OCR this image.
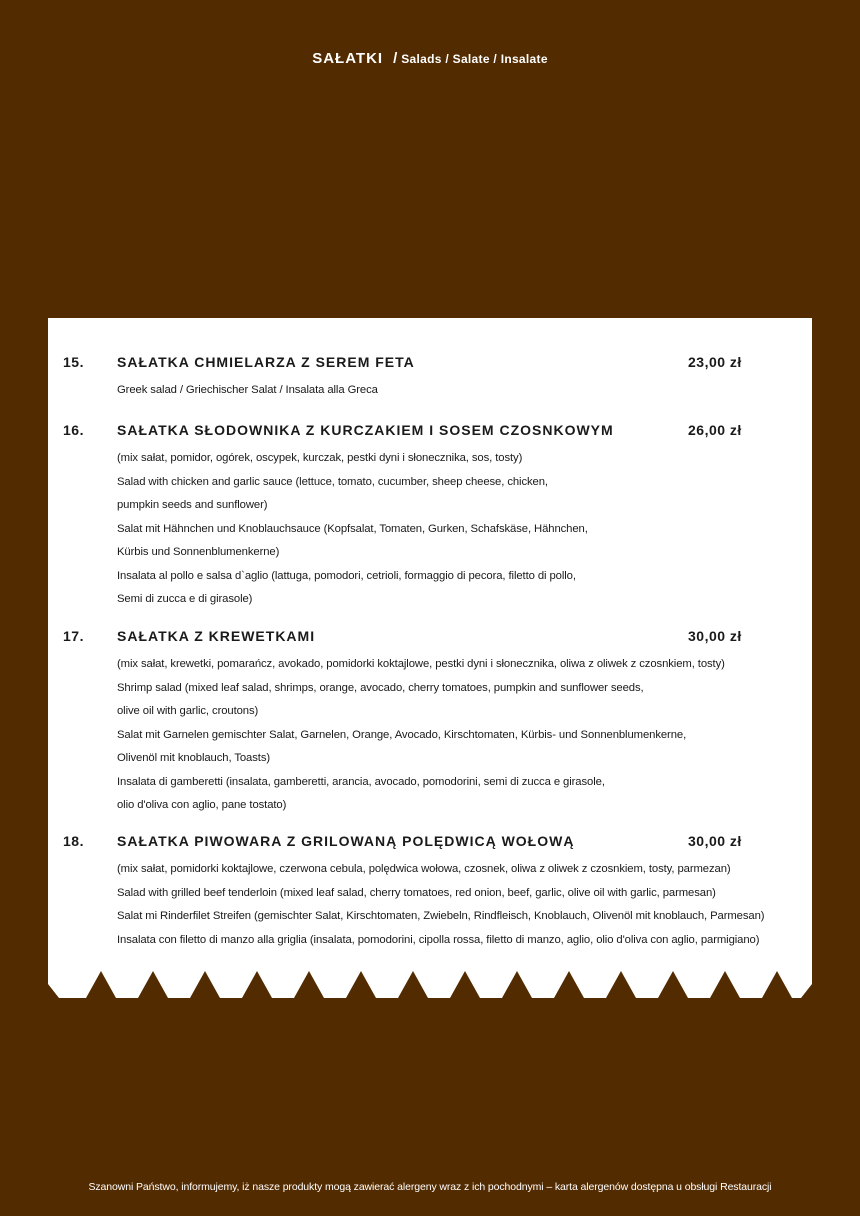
SAŁATKI / Salads / Salate / Insalate
15. SAŁATKA CHMIELARZA Z SEREM FETA	23,00 zł
Greek salad / Griechischer Salat / Insalata alla Greca
16. SAŁATKA SŁODOWNIKA Z KURCZAKIEM I SOSEM CZOSNKOWYM	26,00 zł
(mix sałat, pomidor, ogórek, oscypek, kurczak, pestki dyni i słonecznika, sos, tosty)
Salad with chicken and garlic sauce (lettuce, tomato, cucumber, sheep cheese, chicken,
pumpkin seeds and sunflower)
Salat mit Hähnchen und Knoblauchsauce (Kopfsalat, Tomaten, Gurken, Schafskäse, Hähnchen,
Kürbis und Sonnenblumenkerne)
Insalata al pollo e salsa d`aglio (lattuga, pomodori, cetrioli, formaggio di pecora, filetto di pollo,
Semi di zucca e di girasole)
17. SAŁATKA Z KREWETKAMI	30,00 zł
(mix sałat, krewetki, pomarańcz, avokado, pomidorki koktajlowe, pestki dyni i słonecznika, oliwa z oliwek z czosnkiem, tosty)
Shrimp salad (mixed leaf salad, shrimps, orange, avocado, cherry tomatoes, pumpkin and sunflower seeds,
olive oil with garlic, croutons)
Salat mit Garnelen gemischter Salat, Garnelen, Orange, Avocado, Kirschtomaten, Kürbis- und Sonnenblumenkerne,
Olivenöl mit knoblauch, Toasts)
Insalata di gamberetti (insalata, gamberetti, arancia, avocado, pomodorini, semi di zucca e girasole,
olio d'oliva con aglio, pane tostato)
18. SAŁATKA PIWOWARA Z GRILOWANĄ POLĘDWICĄ WOŁOWĄ	30,00 zł
(mix sałat, pomidorki koktajlowe, czerwona cebula, polędwica wołowa, czosnek, oliwa z oliwek z czosnkiem, tosty, parmezan)
Salad with grilled beef tenderloin (mixed leaf salad, cherry tomatoes, red onion, beef, garlic, olive oil with garlic, parmesan)
Salat mi Rinderfilet Streifen (gemischter Salat, Kirschtomaten, Zwiebeln, Rindfleisch, Knoblauch, Olivenöl mit knoblauch, Parmesan)
Insalata con filetto di manzo alla griglia (insalata, pomodorini, cipolla rossa, filetto di manzo, aglio, olio d'oliva con aglio, parmigiano)
Szanowni Państwo, informujemy, iż nasze produkty mogą zawierać alergeny wraz z ich pochodnymi – karta alergenów dostępna u obsługi Restauracji
